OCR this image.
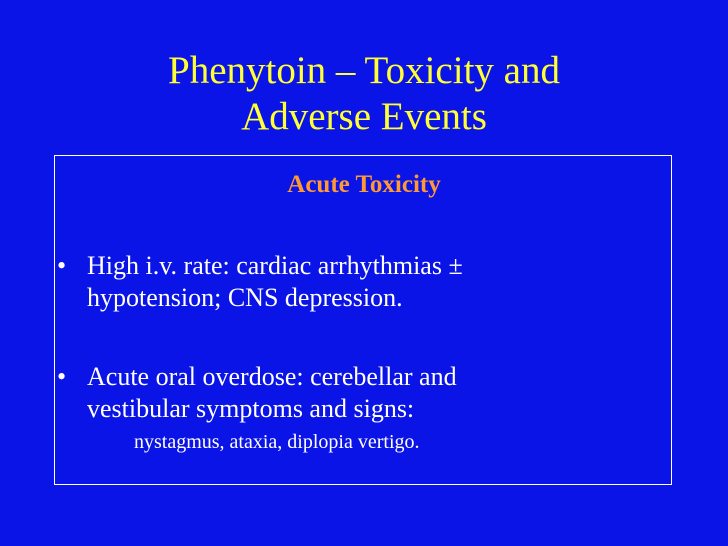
Phenytoin – Toxicity and
Adverse Events
Acute Toxicity
• High i.v. rate: cardiac arrhythmias ±
hypotension; CNS depression.
• Acute oral overdose: cerebellar and
vestibular symptoms and signs:
nystagmus, ataxia, diplopia vertigo.
